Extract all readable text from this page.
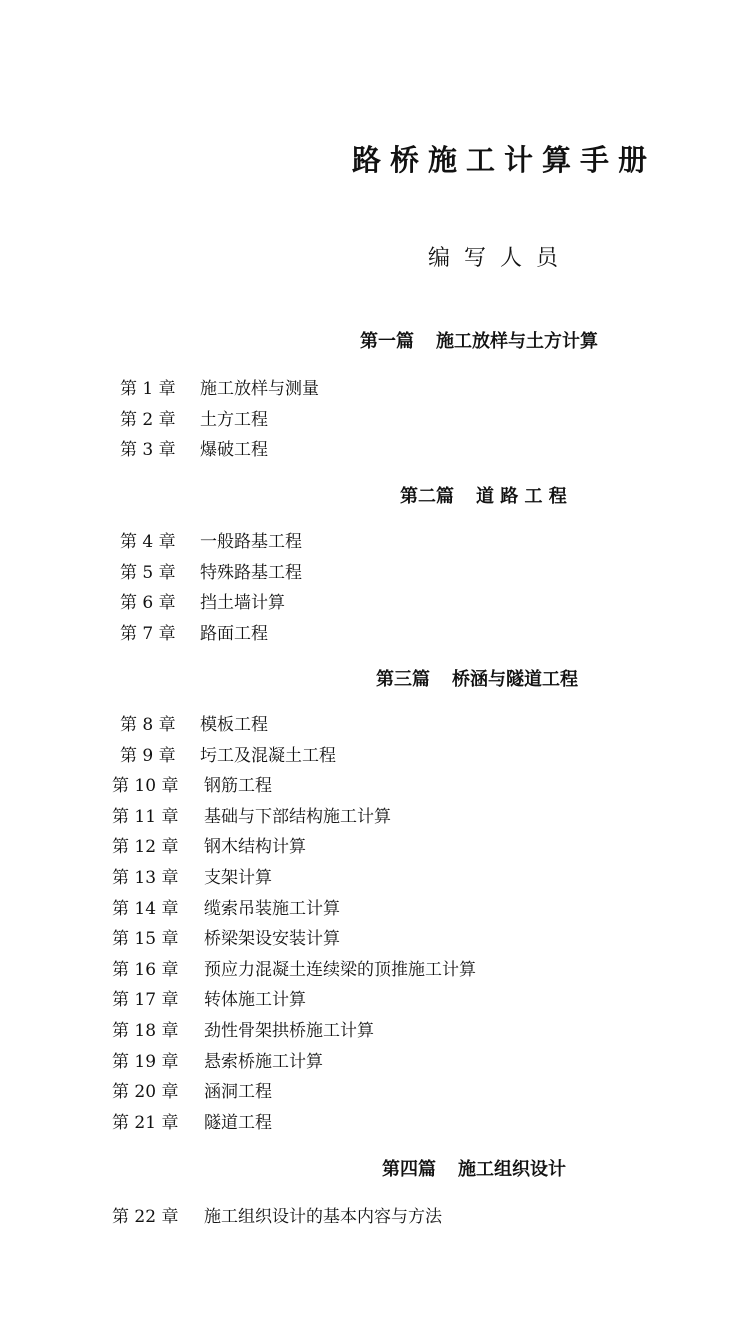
路桥施工计算手册
编写人员
第一篇 施工放样与土方计算
第 1 章 施工放样与测量
第 2 章 土方工程
第 3 章 爆破工程
第二篇 道 路 工 程
第 4 章 一般路基工程
第 5 章 特殊路基工程
第 6 章 挡土墙计算
第 7 章 路面工程
第三篇 桥涵与隧道工程
第 8 章 模板工程
第 9 章 圬工及混凝土工程
第 10 章 钢筋工程
第 11 章 基础与下部结构施工计算
第 12 章 钢木结构计算
第 13 章 支架计算
第 14 章 缆索吊装施工计算
第 15 章 桥梁架设安装计算
第 16 章 预应力混凝土连续梁的顶推施工计算
第 17 章 转体施工计算
第 18 章 劲性骨架拱桥施工计算
第 19 章 悬索桥施工计算
第 20 章 涵洞工程
第 21 章 隧道工程
第四篇 施工组织设计
第 22 章 施工组织设计的基本内容与方法
